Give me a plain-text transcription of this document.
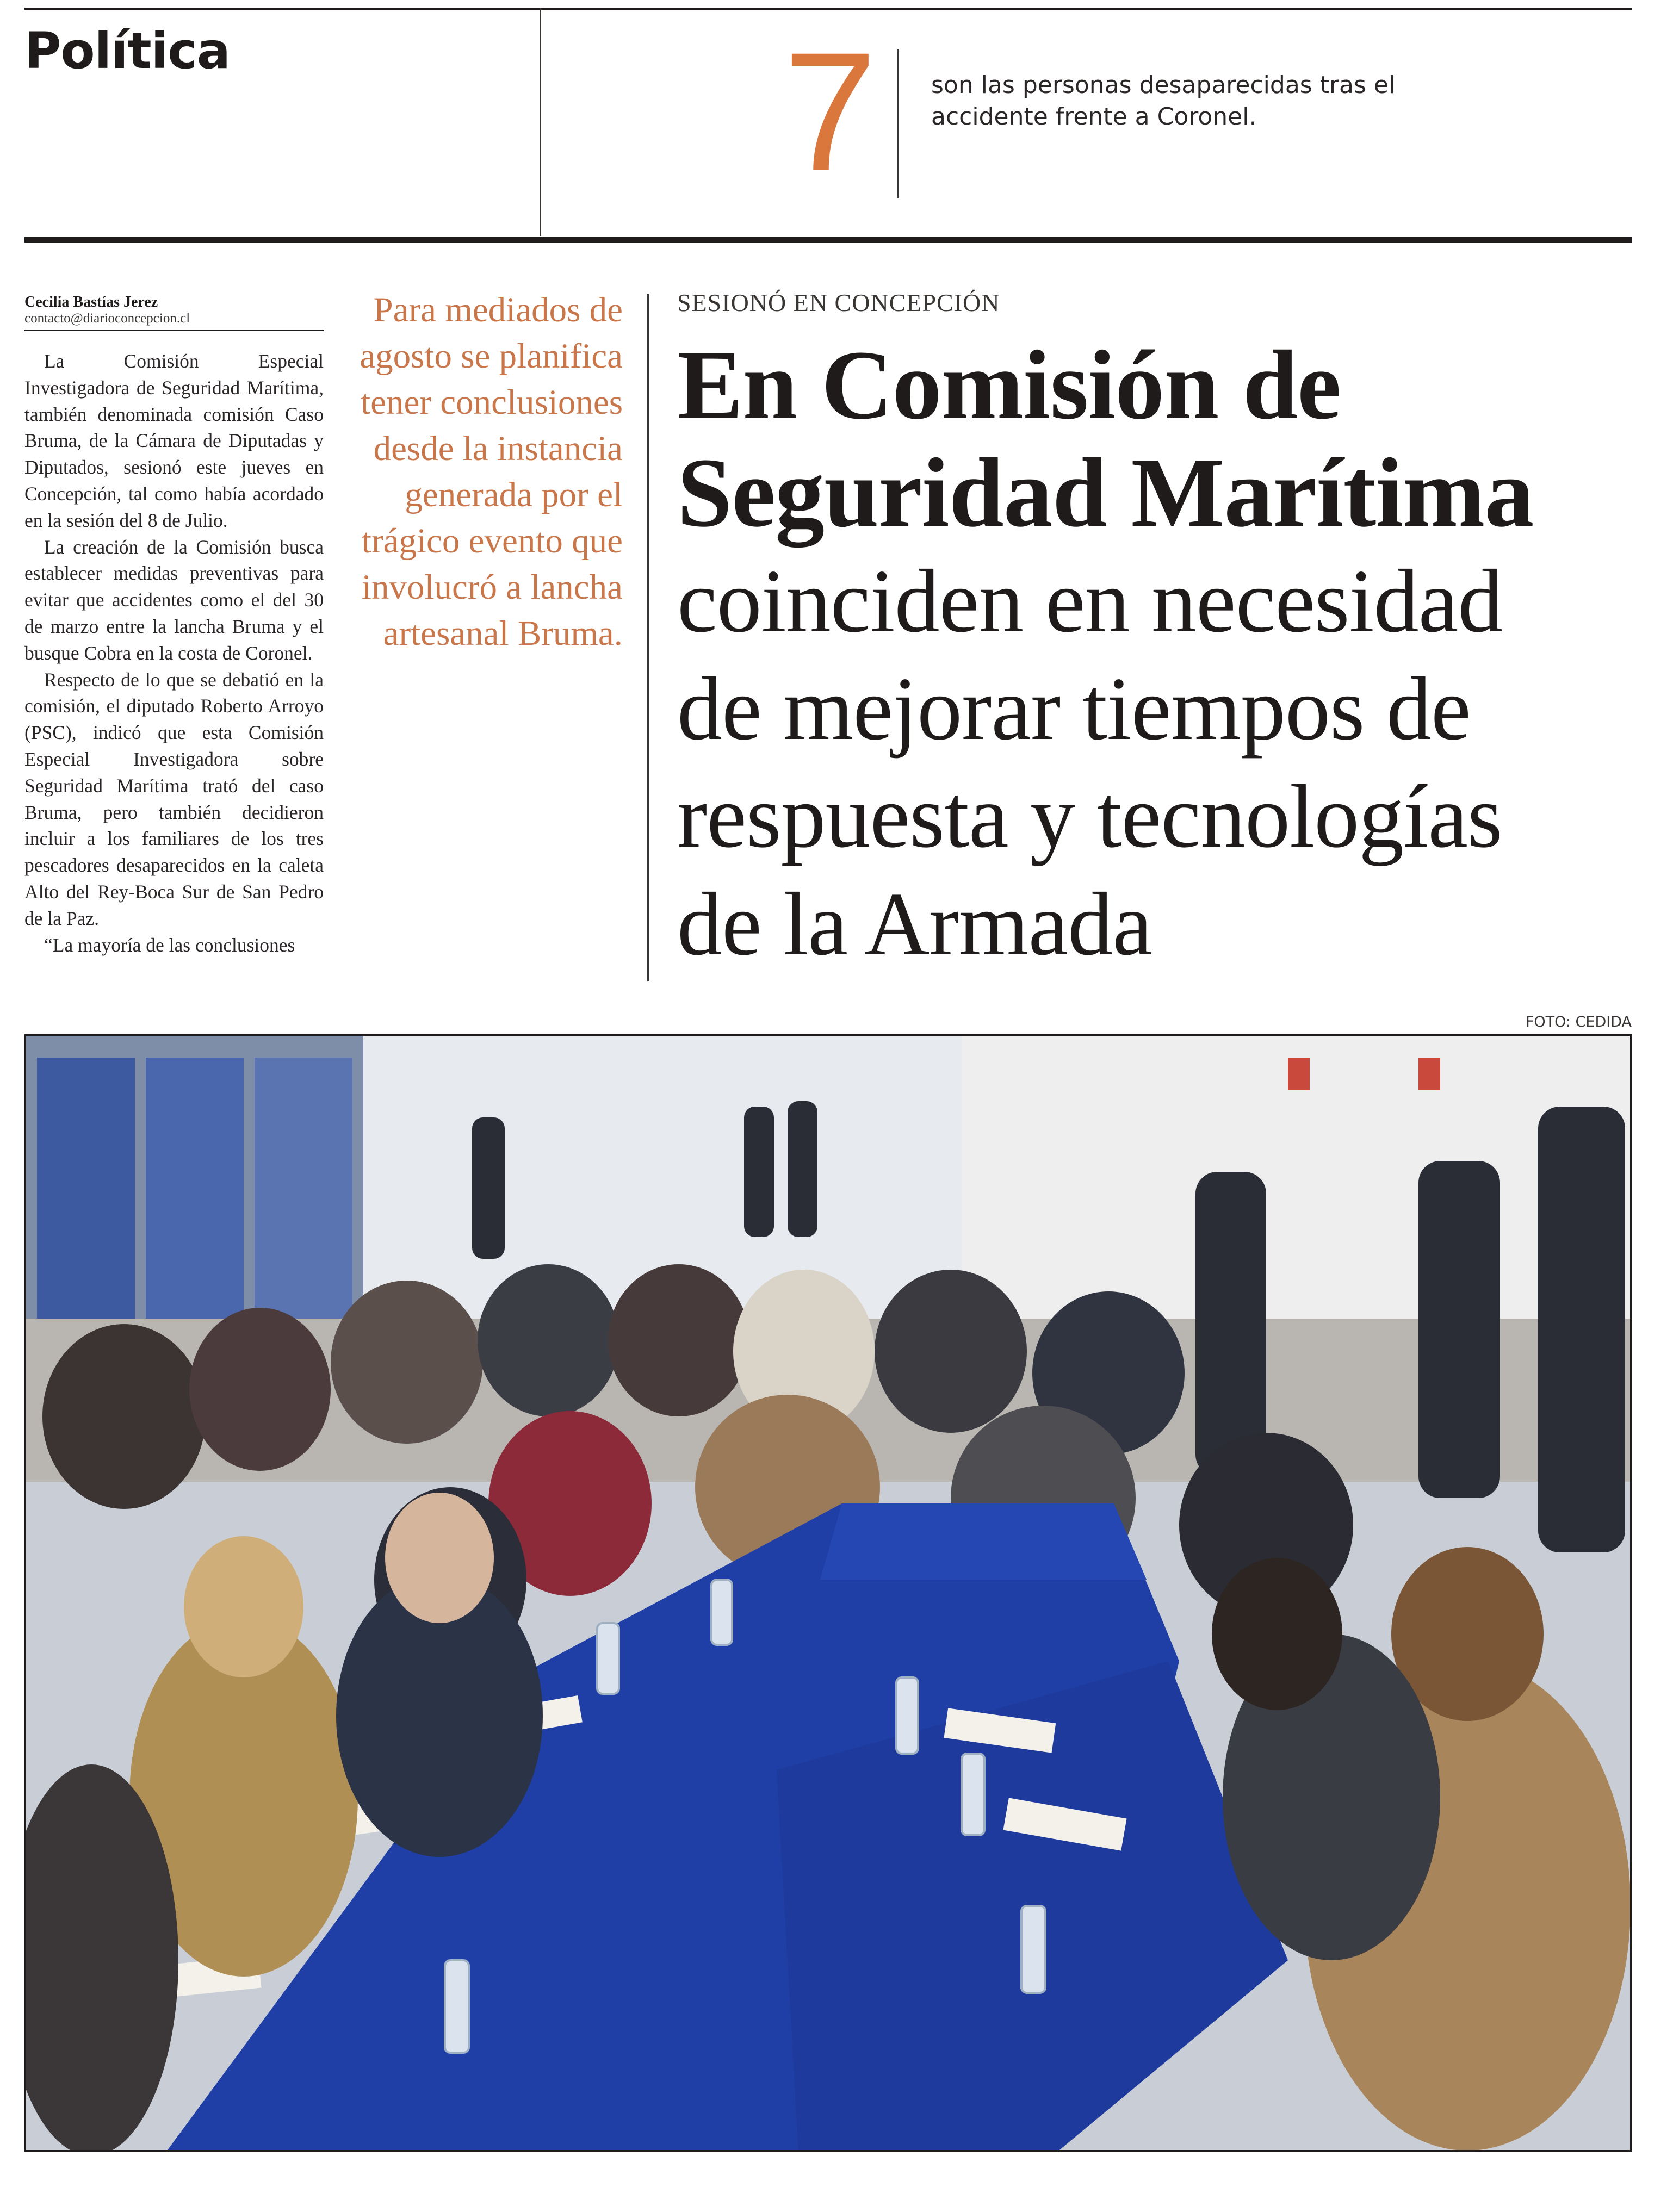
Política	7 son las personas desaparecidas tras el accidente frente a Coronel.
Cecilia Bastías Jerez
contacto@diarioconcepcion.cl

La Comisión Especial Investigadora de Seguridad Marítima, también denominada comisión Caso Bruma, de la Cámara de Diputadas y Diputados, sesionó este jueves en Concepción, tal como había acordado en la sesión del 8 de Julio.

La creación de la Comisión busca establecer medidas preventivas para evitar que accidentes como el del 30 de marzo entre la lancha Bruma y el busque Cobra en la costa de Coronel.

Respecto de lo que se debatió en la comisión, el diputado Roberto Arroyo (PSC), indicó que esta Comisión Especial Investigadora sobre Seguridad Marítima trató del caso Bruma, pero también decidieron incluir a los familiares de los tres pescadores desaparecidos en la caleta Alto del Rey-Boca Sur de San Pedro de la Paz.

“La mayoría de las conclusiones

Para mediados de agosto se planifica tener conclusiones desde la instancia generada por el trágico evento que involucró a lancha artesanal Bruma.
SESIONÓ EN CONCEPCIÓN
En Comisión de
Seguridad Marítima
coinciden en necesidad
de mejorar tiempos de
respuesta y tecnologías
de la Armada
FOTO: CEDIDA
